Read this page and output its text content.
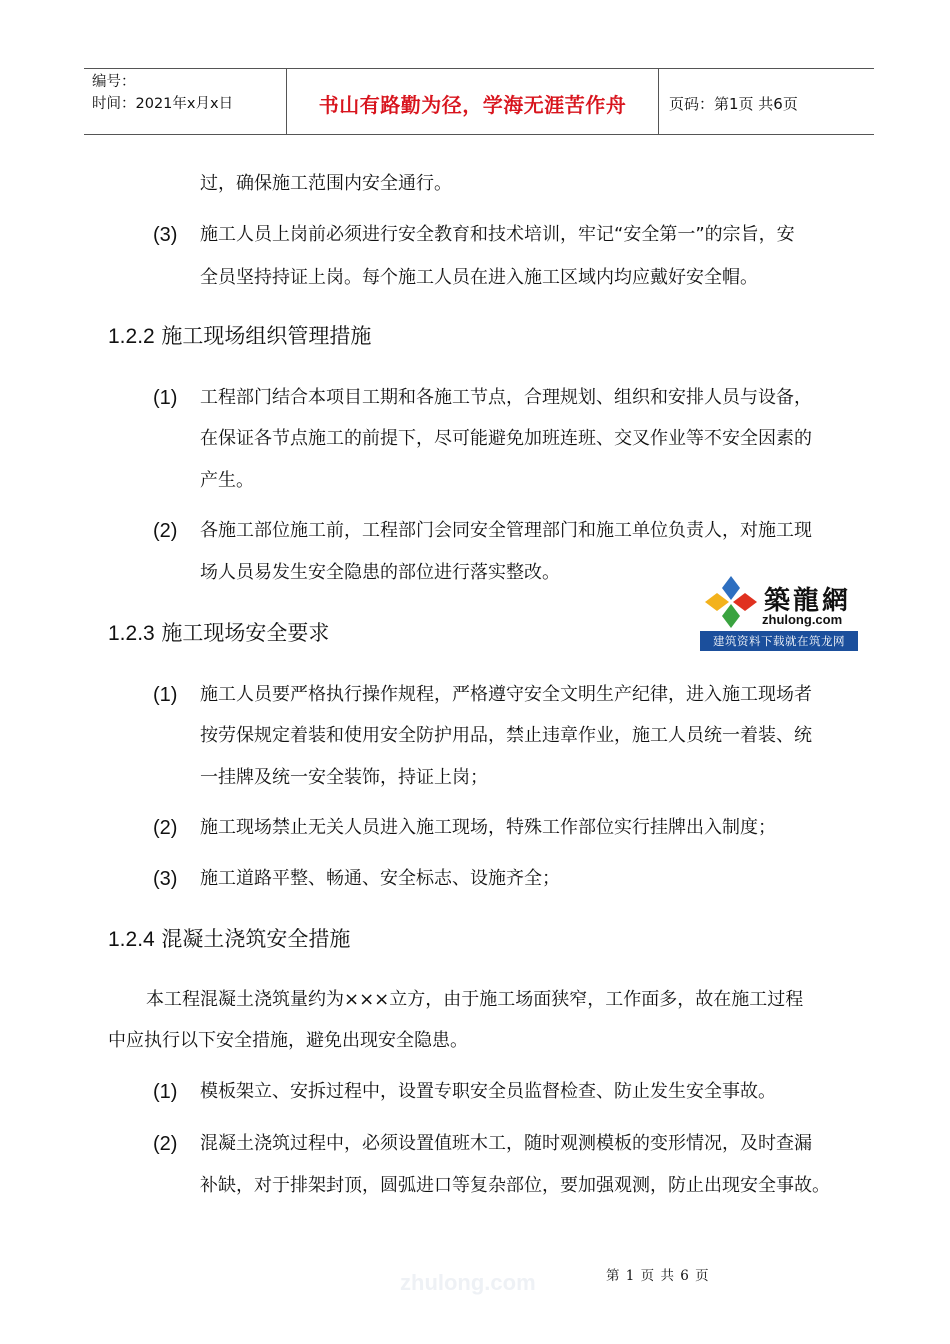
编号：
时间：2021年x月x日	书山有路勤为径，学海无涯苦作舟	页码：第1页 共6页
过，确保施工范围内安全通行。
(3) 施工人员上岗前必须进行安全教育和技术培训，牢记“安全第一”的宗旨，安
全员坚持持证上岗。每个施工人员在进入施工区域内均应戴好安全帽。
1.2.2 施工现场组织管理措施
(1) 工程部门结合本项目工期和各施工节点，合理规划、组织和安排人员与设备，
在保证各节点施工的前提下，尽可能避免加班连班、交叉作业等不安全因素的
产生。
(2) 各施工部位施工前，工程部门会同安全管理部门和施工单位负责人，对施工现
场人员易发生安全隐患的部位进行落实整改。
1.2.3 施工现场安全要求
(1) 施工人员要严格执行操作规程，严格遵守安全文明生产纪律，进入施工现场者
按劳保规定着装和使用安全防护用品，禁止违章作业，施工人员统一着装、统
一挂牌及统一安全装饰，持证上岗；
(2) 施工现场禁止无关人员进入施工现场，特殊工作部位实行挂牌出入制度；
(3) 施工道路平整、畅通、安全标志、设施齐全；
1.2.4 混凝土浇筑安全措施
本工程混凝土浇筑量约为×××立方，由于施工场面狭窄，工作面多，故在施工过程
中应执行以下安全措施，避免出现安全隐患。
(1) 模板架立、安拆过程中，设置专职安全员监督检查、防止发生安全事故。
(2) 混凝土浇筑过程中，必须设置值班木工，随时观测模板的变形情况，及时查漏
补缺，对于排架封顶，圆弧进口等复杂部位，要加强观测，防止出现安全事故。
築龍網
zhulong.com
建筑资料下载就在筑龙网
zhulong.com	第 1 页 共 6 页
